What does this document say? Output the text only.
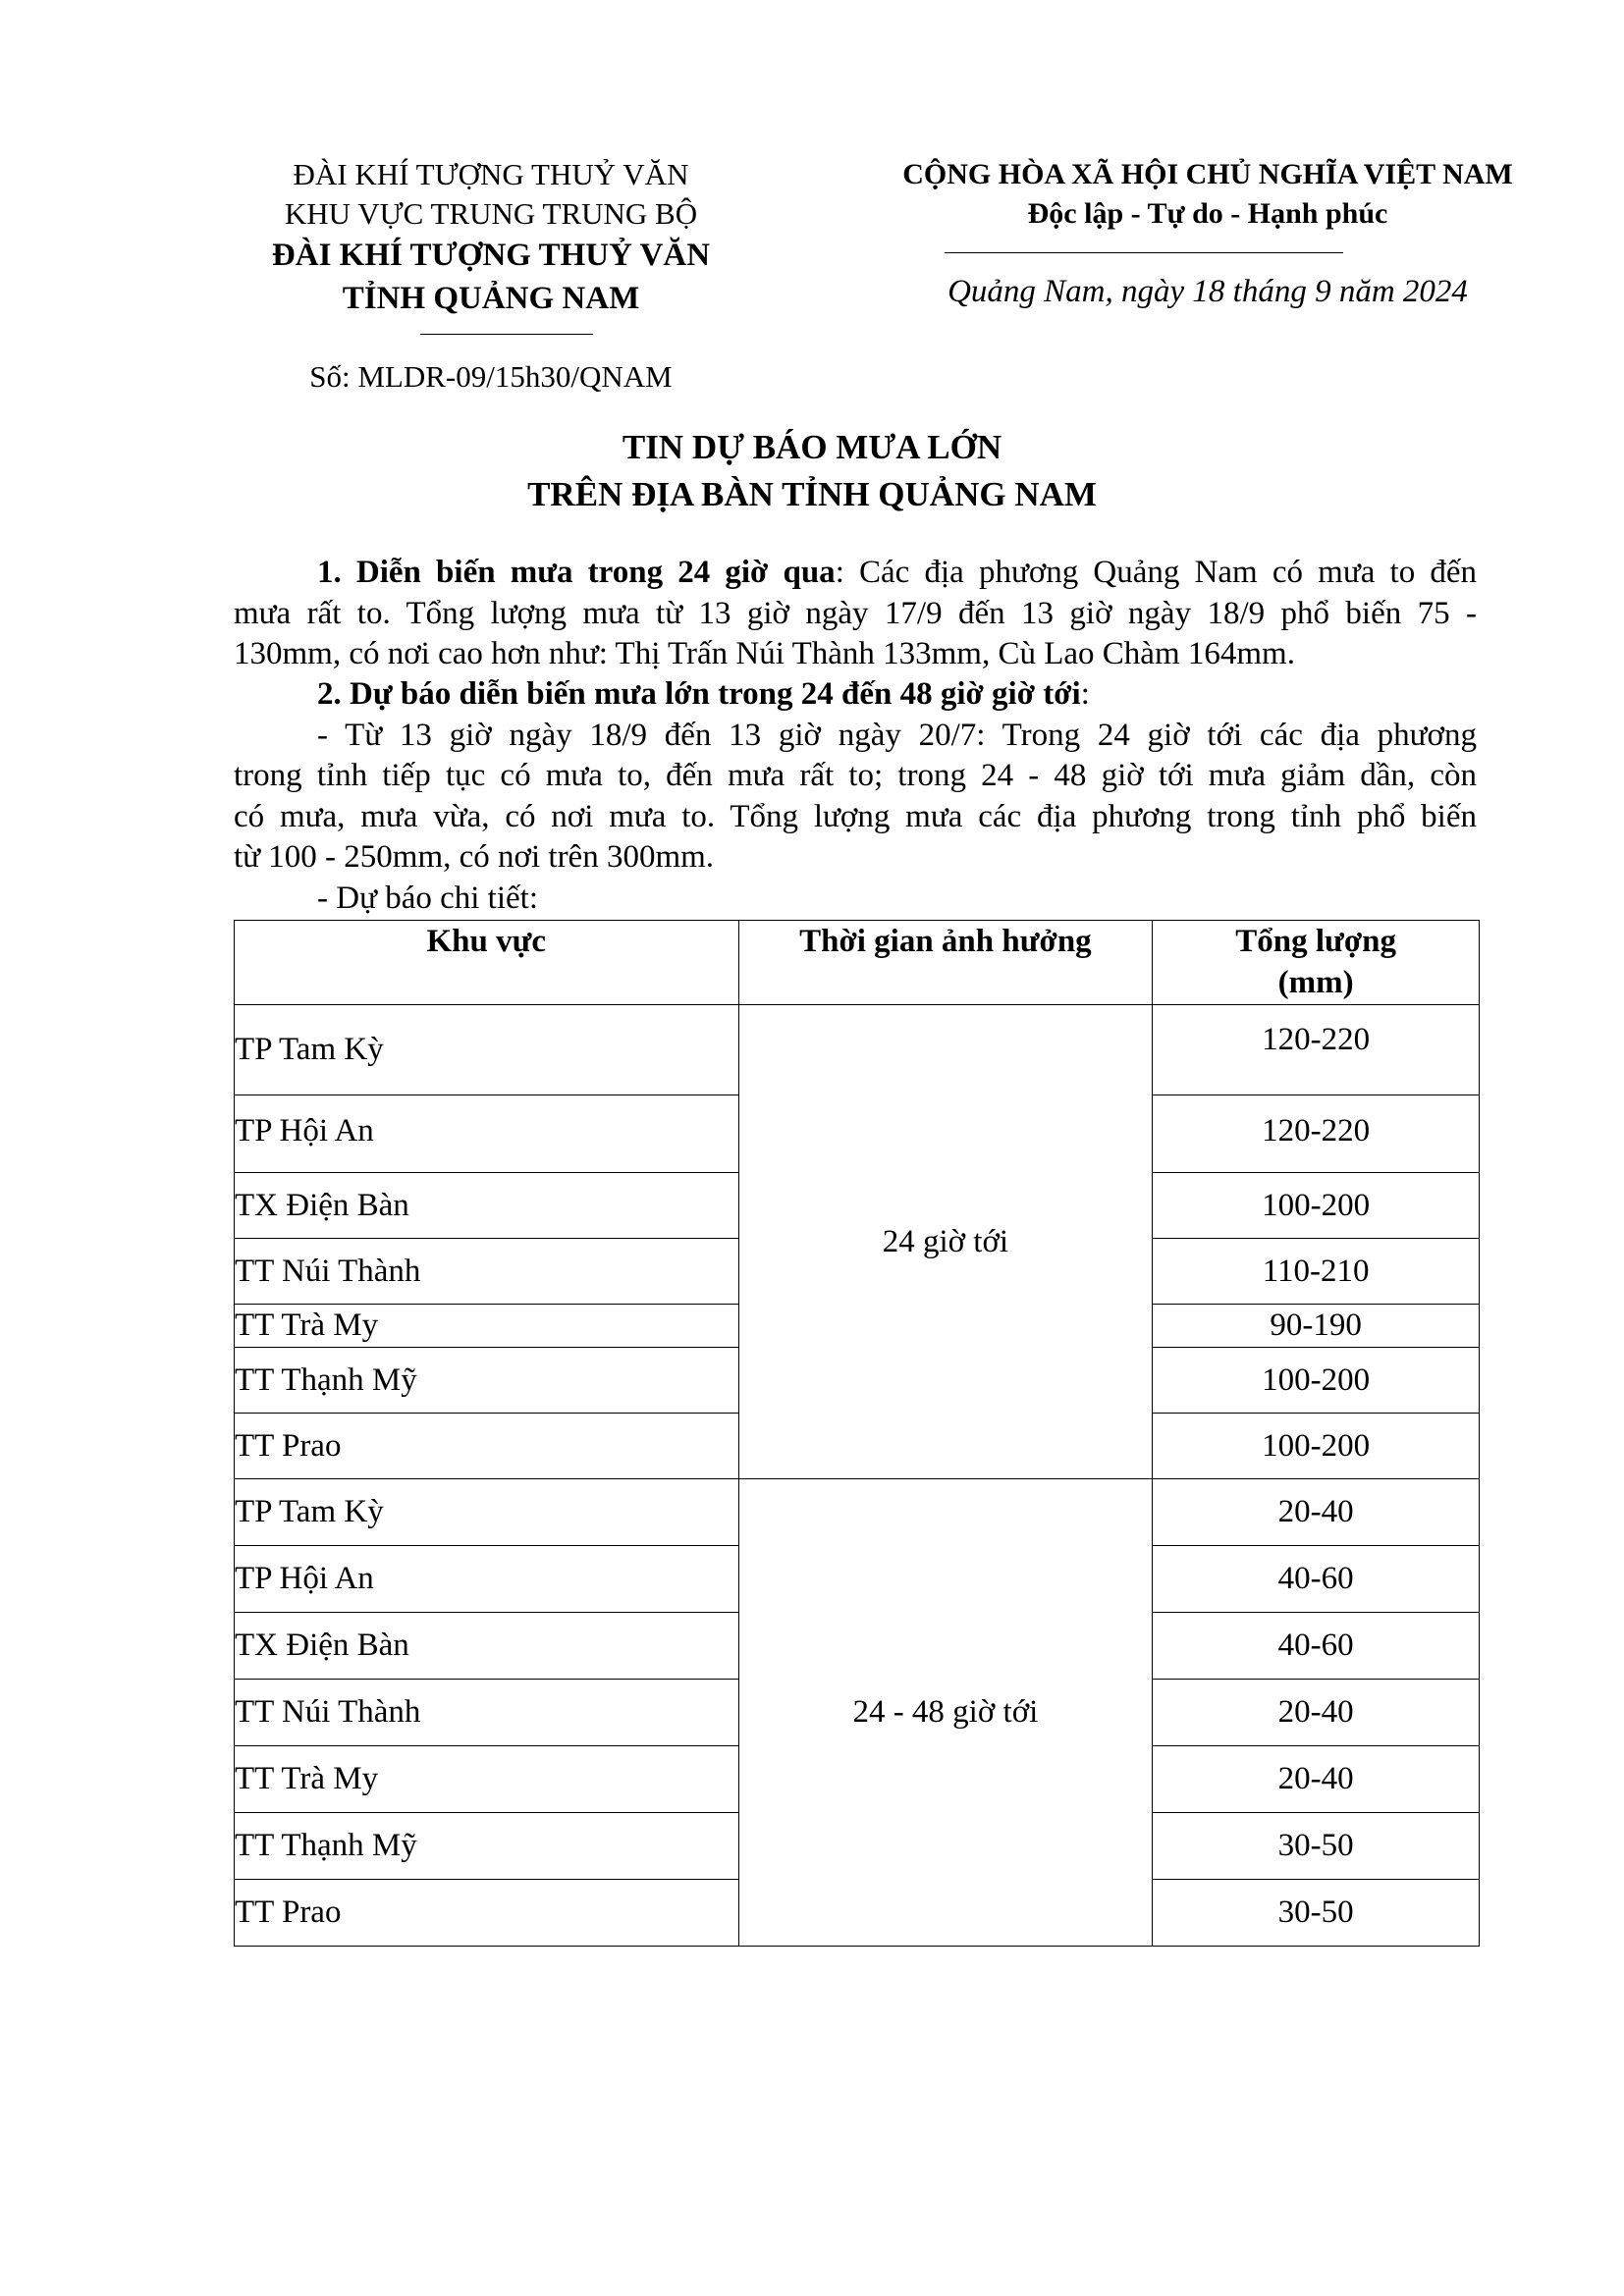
ĐÀI KHÍ TƯỢNG THUỶ VĂN
KHU VỰC TRUNG TRUNG BỘ
ĐÀI KHÍ TƯỢNG THUỶ VĂN
TỈNH QUẢNG NAM
Số: MLDR-09/15h30/QNAM
CỘNG HÒA XÃ HỘI CHỦ NGHĨA VIỆT NAM
Độc lập - Tự do - Hạnh phúc
Quảng Nam, ngày 18 tháng 9 năm 2024
TIN DỰ BÁO MƯA LỚN
TRÊN ĐỊA BÀN TỈNH QUẢNG NAM
1. Diễn biến mưa trong 24 giờ qua: Các địa phương Quảng Nam có mưa to đến
mưa rất to. Tổng lượng mưa từ 13 giờ ngày 17/9 đến 13 giờ ngày 18/9 phổ biến 75 -
130mm, có nơi cao hơn như: Thị Trấn Núi Thành 133mm, Cù Lao Chàm 164mm.
2. Dự báo diễn biến mưa lớn trong 24 đến 48 giờ giờ tới:
- Từ 13 giờ ngày 18/9 đến 13 giờ ngày 20/7: Trong 24 giờ tới các địa phương
trong tỉnh tiếp tục có mưa to, đến mưa rất to; trong 24 - 48 giờ tới mưa giảm dần, còn
có mưa, mưa vừa, có nơi mưa to. Tổng lượng mưa các địa phương trong tỉnh phổ biến
từ 100 - 250mm, có nơi trên 300mm.
- Dự báo chi tiết:
Khu vực	Thời gian ảnh hưởng	Tổng lượng
(mm)

TP Tam Kỳ	24 giờ tới	120-220
TP Hội An		120-220
TX Điện Bàn		100-200
TT Núi Thành		110-210
TT Trà My		90-190
TT Thạnh Mỹ		100-200
TT Prao		100-200
TP Tam Kỳ	24 - 48 giờ tới	20-40
TP Hội An		40-60
TX Điện Bàn		40-60
TT Núi Thành		20-40
TT Trà My		20-40
TT Thạnh Mỹ		30-50
TT Prao		30-50
